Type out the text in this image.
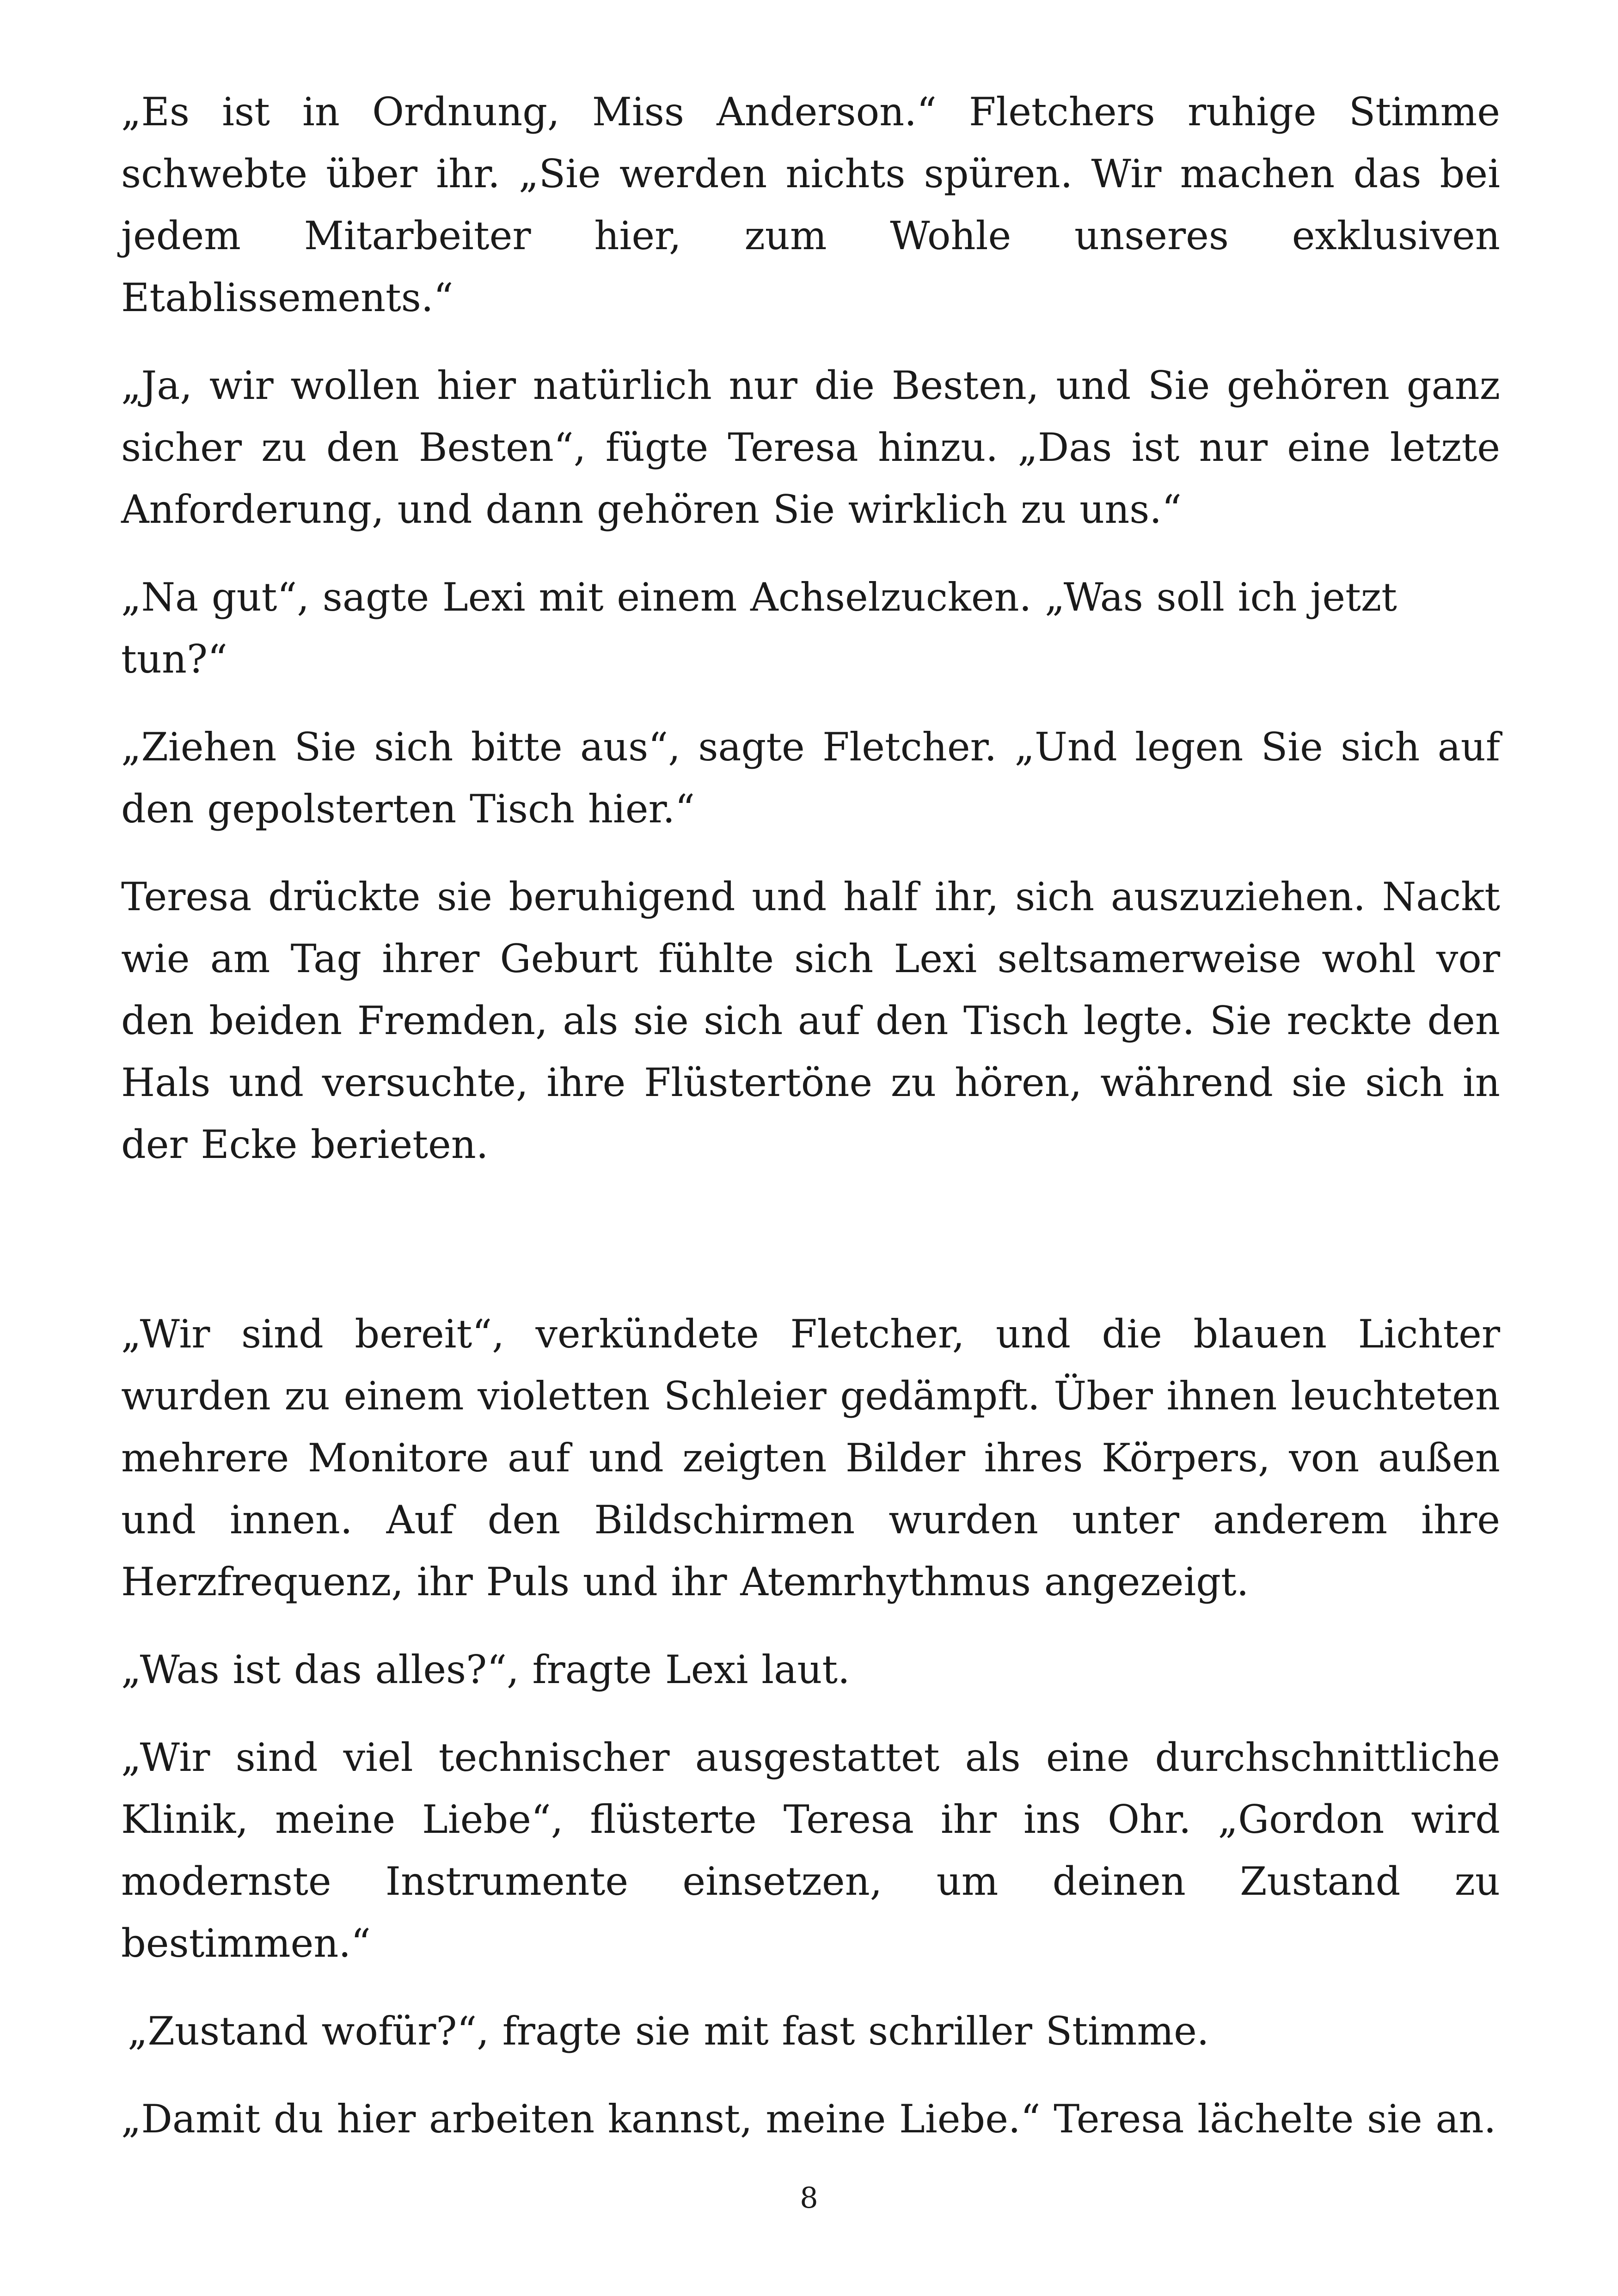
„Es ist in Ordnung, Miss Anderson.“ Fletchers ruhige Stimme schwebte über ihr. „Sie werden nichts spüren. Wir machen das bei jedem Mitarbeiter hier, zum Wohle unseres exklusiven Etablissements.“

„Ja, wir wollen hier natürlich nur die Besten, und Sie gehören ganz sicher zu den Besten“, fügte Teresa hinzu. „Das ist nur eine letzte Anforderung, und dann gehören Sie wirklich zu uns.“

„Na gut“, sagte Lexi mit einem Achselzucken. „Was soll ich jetzt tun?“

„Ziehen Sie sich bitte aus“, sagte Fletcher. „Und legen Sie sich auf den gepolsterten Tisch hier.“

Teresa drückte sie beruhigend und half ihr, sich auszuziehen. Nackt wie am Tag ihrer Geburt fühlte sich Lexi seltsamerweise wohl vor den beiden Fremden, als sie sich auf den Tisch legte. Sie reckte den Hals und versuchte, ihre Flüstertöne zu hören, während sie sich in der Ecke berieten.

„Wir sind bereit“, verkündete Fletcher, und die blauen Lichter wurden zu einem violetten Schleier gedämpft. Über ihnen leuchteten mehrere Monitore auf und zeigten Bilder ihres Körpers, von außen und innen. Auf den Bildschirmen wurden unter anderem ihre Herzfrequenz, ihr Puls und ihr Atemrhythmus angezeigt.

„Was ist das alles?“, fragte Lexi laut.

„Wir sind viel technischer ausgestattet als eine durchschnittliche Klinik, meine Liebe“, flüsterte Teresa ihr ins Ohr. „Gordon wird modernste Instrumente einsetzen, um deinen Zustand zu bestimmen.“

„Zustand wofür?“, fragte sie mit fast schriller Stimme.

„Damit du hier arbeiten kannst, meine Liebe.“ Teresa lächelte sie an.

8
